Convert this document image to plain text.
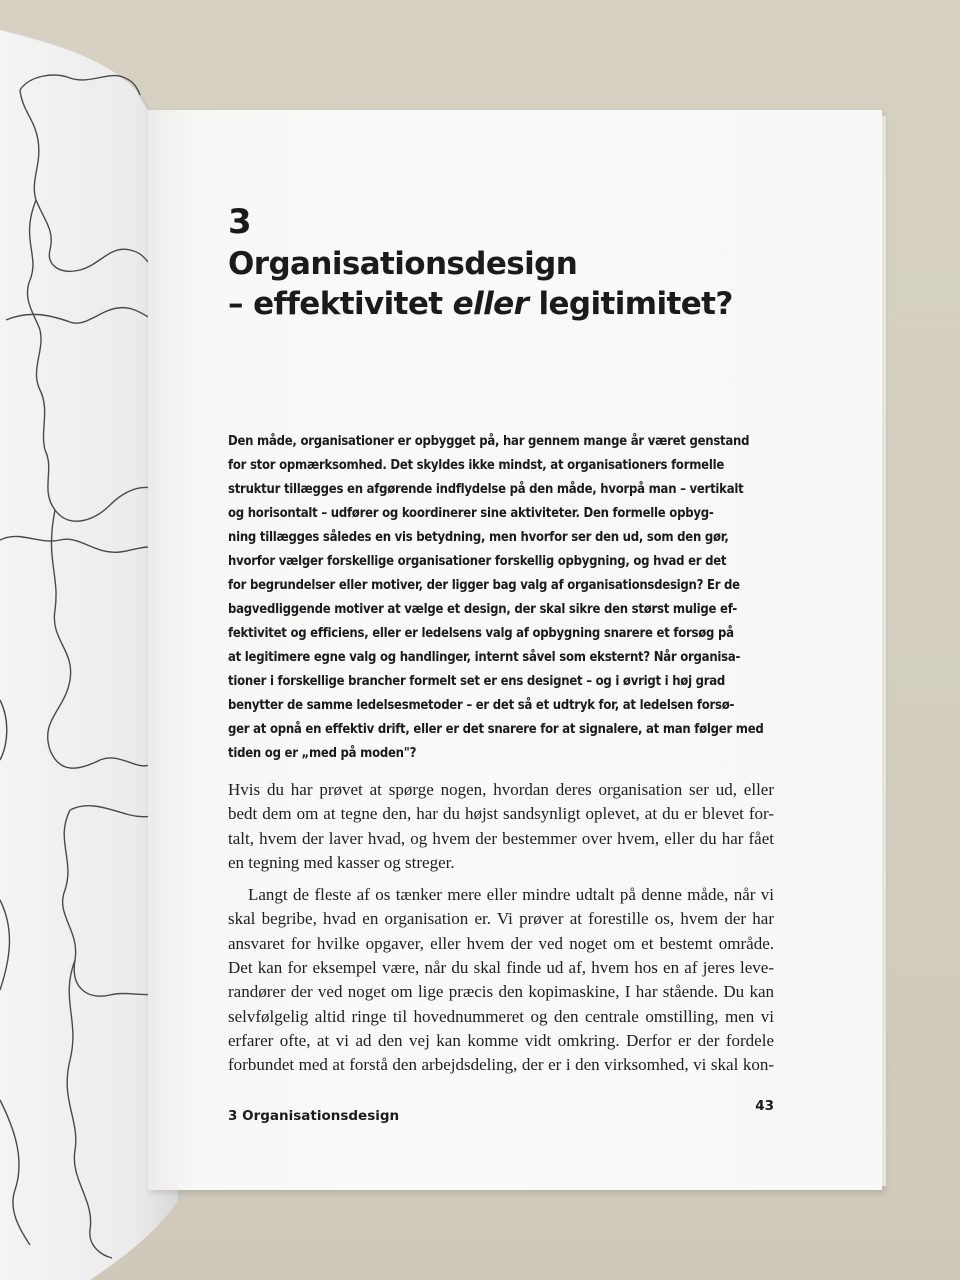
3
Organisationsdesign
– effektivitet eller legitimitet?
Den måde, organisationer er opbygget på, har gennem mange år været genstand
for stor opmærksomhed. Det skyldes ikke mindst, at organisationers formelle
struktur tillægges en afgørende indflydelse på den måde, hvorpå man – vertikalt
og horisontalt – udfører og koordinerer sine aktiviteter. Den formelle opbyg-
ning tillægges således en vis betydning, men hvorfor ser den ud, som den gør,
hvorfor vælger forskellige organisationer forskellig opbygning, og hvad er det
for begrundelser eller motiver, der ligger bag valg af organisationsdesign? Er de
bagvedliggende motiver at vælge et design, der skal sikre den størst mulige ef-
fektivitet og efficiens, eller er ledelsens valg af opbygning snarere et forsøg på
at legitimere egne valg og handlinger, internt såvel som eksternt? Når organisa-
tioner i forskellige brancher formelt set er ens designet – og i øvrigt i høj grad
benytter de samme ledelsesmetoder – er det så et udtryk for, at ledelsen forsø-
ger at opnå en effektiv drift, eller er det snarere for at signalere, at man følger med
tiden og er „med på moden"?
Hvis du har prøvet at spørge nogen, hvordan deres organisation ser ud, eller
bedt dem om at tegne den, har du højst sandsynligt oplevet, at du er blevet for-
talt, hvem der laver hvad, og hvem der bestemmer over hvem, eller du har fået
en tegning med kasser og streger.
Langt de fleste af os tænker mere eller mindre udtalt på denne måde, når vi
skal begribe, hvad en organisation er. Vi prøver at forestille os, hvem der har
ansvaret for hvilke opgaver, eller hvem der ved noget om et bestemt område.
Det kan for eksempel være, når du skal finde ud af, hvem hos en af jeres leve-
randører der ved noget om lige præcis den kopimaskine, I har stående. Du kan
selvfølgelig altid ringe til hovednummeret og den centrale omstilling, men vi
erfarer ofte, at vi ad den vej kan komme vidt omkring. Derfor er der fordele
forbundet med at forstå den arbejdsdeling, der er i den virksomhed, vi skal kon-
3 Organisationsdesign
43
